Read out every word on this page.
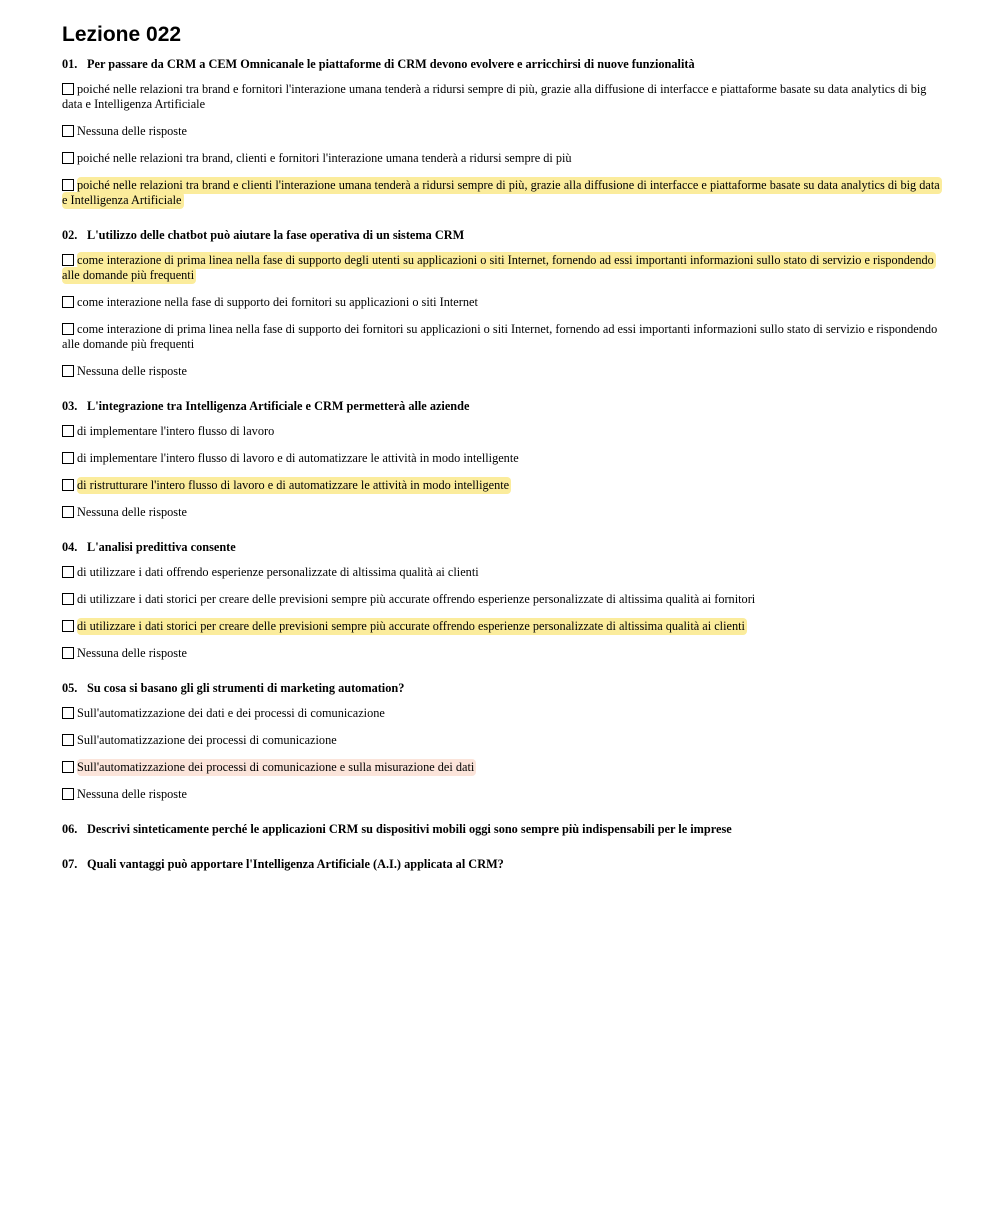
Lezione 022
01. Per passare da CRM a CEM Omnicanale le piattaforme di CRM devono evolvere e arricchirsi di nuove funzionalità
poiché nelle relazioni tra brand e fornitori l'interazione umana tenderà a ridursi sempre di più, grazie alla diffusione di interfacce e piattaforme basate su data analytics di big data e Intelligenza Artificiale
Nessuna delle risposte
poiché nelle relazioni tra brand, clienti e fornitori l'interazione umana tenderà a ridursi sempre di più
poiché nelle relazioni tra brand e clienti l'interazione umana tenderà a ridursi sempre di più, grazie alla diffusione di interfacce e piattaforme basate su data analytics di big data e Intelligenza Artificiale
02. L'utilizzo delle chatbot può aiutare la fase operativa di un sistema CRM
come interazione di prima linea nella fase di supporto degli utenti su applicazioni o siti Internet, fornendo ad essi importanti informazioni sullo stato di servizio e rispondendo alle domande più frequenti
come interazione nella fase di supporto dei fornitori su applicazioni o siti Internet
come interazione di prima linea nella fase di supporto dei fornitori su applicazioni o siti Internet, fornendo ad essi importanti informazioni sullo stato di servizio e rispondendo alle domande più frequenti
Nessuna delle risposte
03. L'integrazione tra Intelligenza Artificiale e CRM permetterà alle aziende
di implementare l'intero flusso di lavoro
di implementare l'intero flusso di lavoro e di automatizzare le attività in modo intelligente
di ristrutturare l'intero flusso di lavoro e di automatizzare le attività in modo intelligente
Nessuna delle risposte
04. L'analisi predittiva consente
di utilizzare i dati offrendo esperienze personalizzate di altissima qualità ai clienti
di utilizzare i dati storici per creare delle previsioni sempre più accurate offrendo esperienze personalizzate di altissima qualità ai fornitori
di utilizzare i dati storici per creare delle previsioni sempre più accurate offrendo esperienze personalizzate di altissima qualità ai clienti
Nessuna delle risposte
05. Su cosa si basano gli gli strumenti di marketing automation?
Sull'automatizzazione dei dati e dei processi di comunicazione
Sull'automatizzazione dei processi di comunicazione
Sull'automatizzazione dei processi di comunicazione e sulla misurazione dei dati
Nessuna delle risposte
06. Descrivi sinteticamente perché le applicazioni CRM su dispositivi mobili oggi sono sempre più indispensabili per le imprese
07. Quali vantaggi può apportare l'Intelligenza Artificiale (A.I.) applicata al CRM?
